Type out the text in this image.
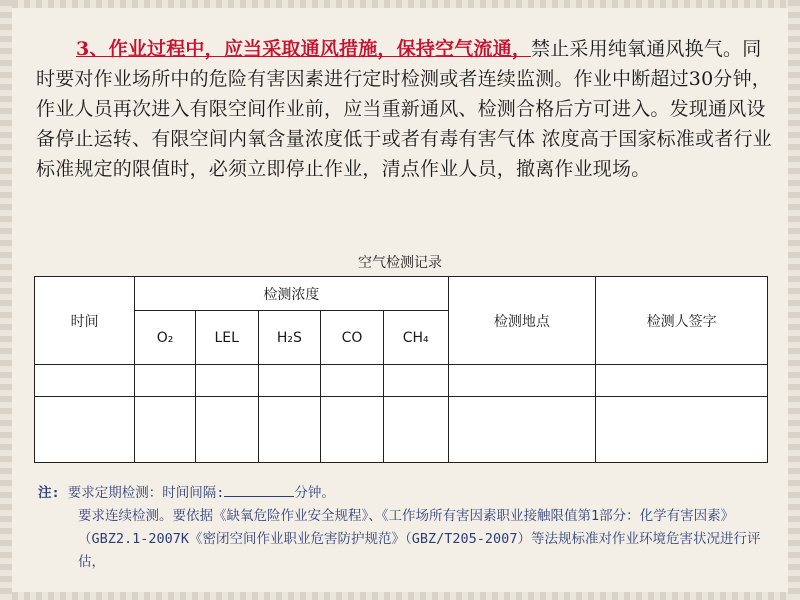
3、作业过程中，应当采取通风措施，保持空气流通，禁止采用纯氧通风换气。同时要对作业场所中的危险有害因素进行定时检测或者连续监测。作业中断超过30分钟，作业人员再次进入有限空间作业前，应当重新通风、检测合格后方可进入。发现通风设备停止运转、有限空间内氧含量浓度低于或者有毒有害气体 浓度高于国家标准或者行业标准规定的限值时，必须立即停止作业，清点作业人员，撤离作业现场。
空气检测记录
时间	检测浓度					检测地点	检测人签字
	O₂	LEL	H₂S	CO	CH₄		

注: 要求定期检测：时间间隔:	分钟。
要求连续检测。要依据《缺氧危险作业安全规程》、《工作场所有害因素职业接触限值第1部分：化学有害因素》（GBZ2.1-2007K《密闭空间作业职业危害防护规范》（GBZ/T205-2007）等法规标准对作业环境危害状况进行评估，
